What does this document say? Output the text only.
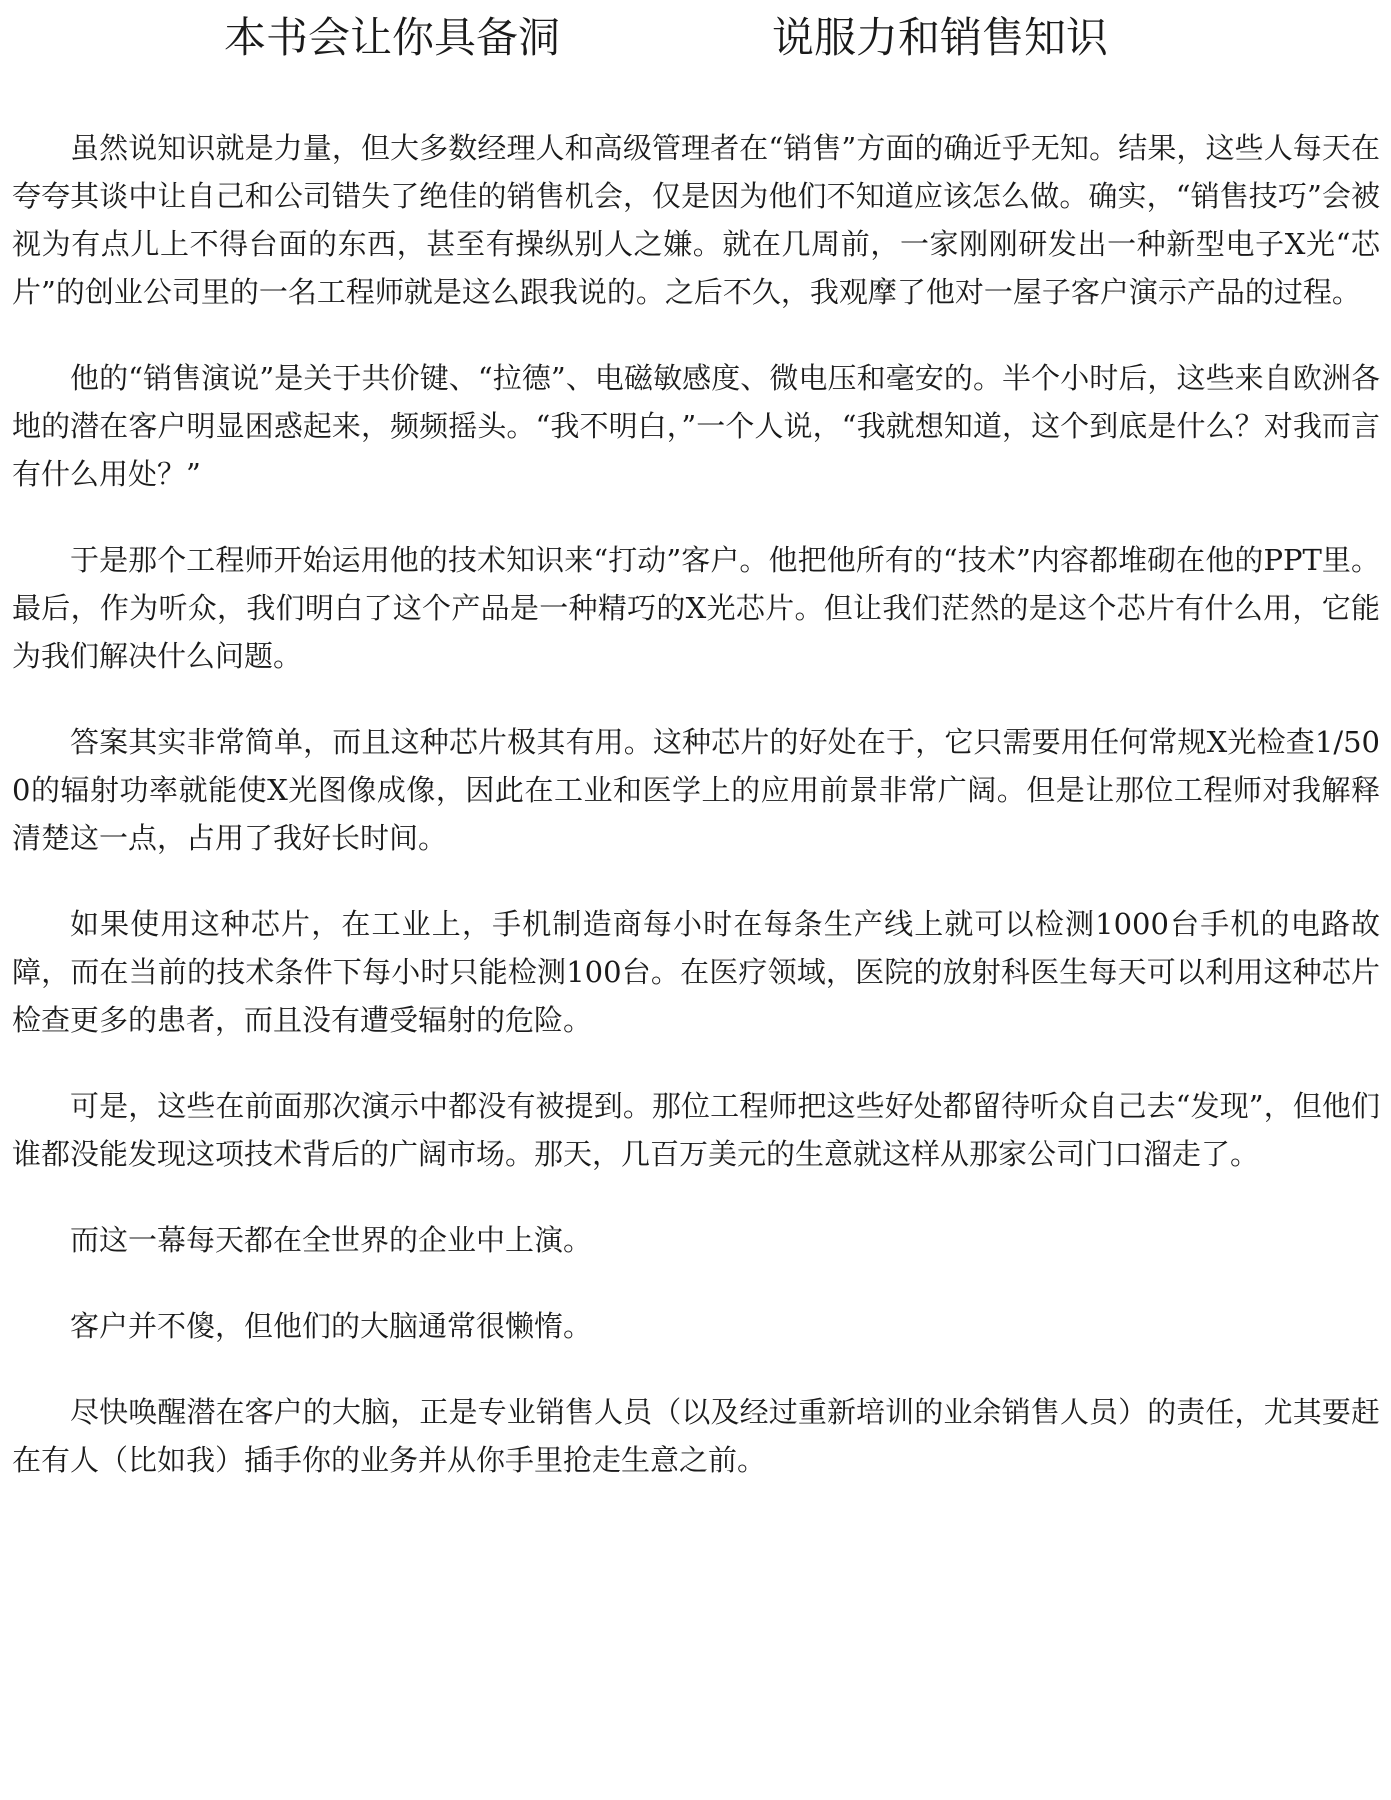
本书会让你具备洞	说服力和销售知识

虽然说知识就是力量，但大多数经理人和高级管理者在“销售”方面的确近乎无知。结果，这些人每天在夸夸其谈中让自己和公司错失了绝佳的销售机会，仅是因为他们不知道应该怎么做。确实，“销售技巧”会被视为有点儿上不得台面的东西，甚至有操纵别人之嫌。就在几周前，一家刚刚研发出一种新型电子X光“芯片”的创业公司里的一名工程师就是这么跟我说的。之后不久，我观摩了他对一屋子客户演示产品的过程。

他的“销售演说”是关于共价键、“拉德”、电磁敏感度、微电压和毫安的。半个小时后，这些来自欧洲各地的潜在客户明显困惑起来，频频摇头。“我不明白，”一个人说，“我就想知道，这个到底是什么？对我而言有什么用处？”

于是那个工程师开始运用他的技术知识来“打动”客户。他把他所有的“技术”内容都堆砌在他的PPT里。最后，作为听众，我们明白了这个产品是一种精巧的X光芯片。但让我们茫然的是这个芯片有什么用，它能为我们解决什么问题。

答案其实非常简单，而且这种芯片极其有用。这种芯片的好处在于，它只需要用任何常规X光检查1/500的辐射功率就能使X光图像成像，因此在工业和医学上的应用前景非常广阔。但是让那位工程师对我解释清楚这一点，占用了我好长时间。

如果使用这种芯片，在工业上，手机制造商每小时在每条生产线上就可以检测1000台手机的电路故障，而在当前的技术条件下每小时只能检测100台。在医疗领域，医院的放射科医生每天可以利用这种芯片检查更多的患者，而且没有遭受辐射的危险。

可是，这些在前面那次演示中都没有被提到。那位工程师把这些好处都留待听众自己去“发现”，但他们谁都没能发现这项技术背后的广阔市场。那天，几百万美元的生意就这样从那家公司门口溜走了。

而这一幕每天都在全世界的企业中上演。

客户并不傻，但他们的大脑通常很懒惰。

尽快唤醒潜在客户的大脑，正是专业销售人员（以及经过重新培训的业余销售人员）的责任，尤其要赶在有人（比如我）插手你的业务并从你手里抢走生意之前。
